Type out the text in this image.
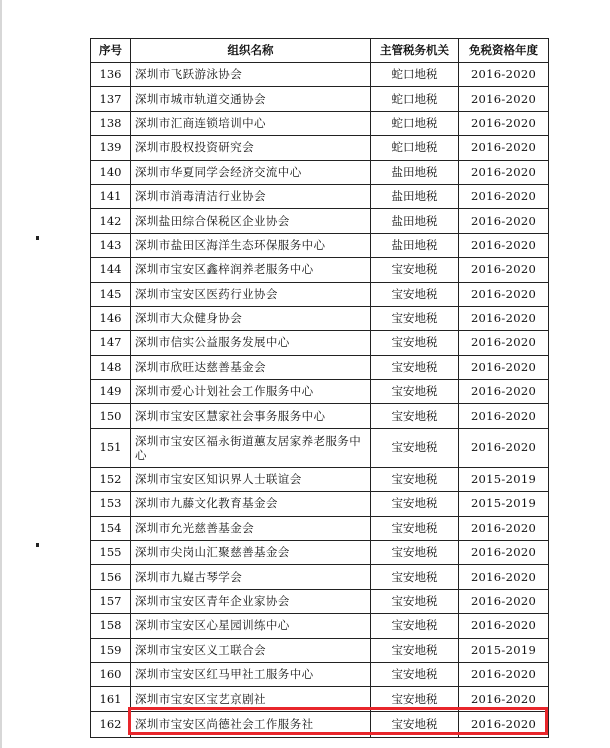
序号	组织名称	主管税务机关	免税资格年度
136	深圳市飞跃游泳协会	蛇口地税	2016-2020
137	深圳市城市轨道交通协会	蛇口地税	2016-2020
138	深圳市汇商连锁培训中心	蛇口地税	2016-2020
139	深圳市股权投资研究会	蛇口地税	2016-2020
140	深圳市华夏同学会经济交流中心	盐田地税	2016-2020
141	深圳市消毒清洁行业协会	盐田地税	2016-2020
142	深圳盐田综合保税区企业协会	盐田地税	2016-2020
143	深圳市盐田区海洋生态环保服务中心	盐田地税	2016-2020
144	深圳市宝安区鑫梓润养老服务中心	宝安地税	2016-2020
145	深圳市宝安区医药行业协会	宝安地税	2016-2020
146	深圳市大众健身协会	宝安地税	2016-2020
147	深圳市信实公益服务发展中心	宝安地税	2016-2020
148	深圳市欣旺达慈善基金会	宝安地税	2016-2020
149	深圳市爱心计划社会工作服务中心	宝安地税	2016-2020
150	深圳市宝安区慧家社会事务服务中心	宝安地税	2016-2020
151	深圳市宝安区福永街道蕙友居家养老服务中心	宝安地税	2016-2020
152	深圳市宝安区知识界人士联谊会	宝安地税	2015-2019
153	深圳市九藤文化教育基金会	宝安地税	2015-2019
154	深圳市允光慈善基金会	宝安地税	2016-2020
155	深圳市尖岗山汇聚慈善基金会	宝安地税	2016-2020
156	深圳市九嶷古琴学会	宝安地税	2016-2020
157	深圳市宝安区青年企业家协会	宝安地税	2016-2020
158	深圳市宝安区心星园训练中心	宝安地税	2016-2020
159	深圳市宝安区义工联合会	宝安地税	2015-2019
160	深圳市宝安区红马甲社工服务中心	宝安地税	2016-2020
161	深圳市宝安区宝艺京剧社	宝安地税	2016-2020
162	深圳市宝安区尚德社会工作服务社	宝安地税	2016-2020
